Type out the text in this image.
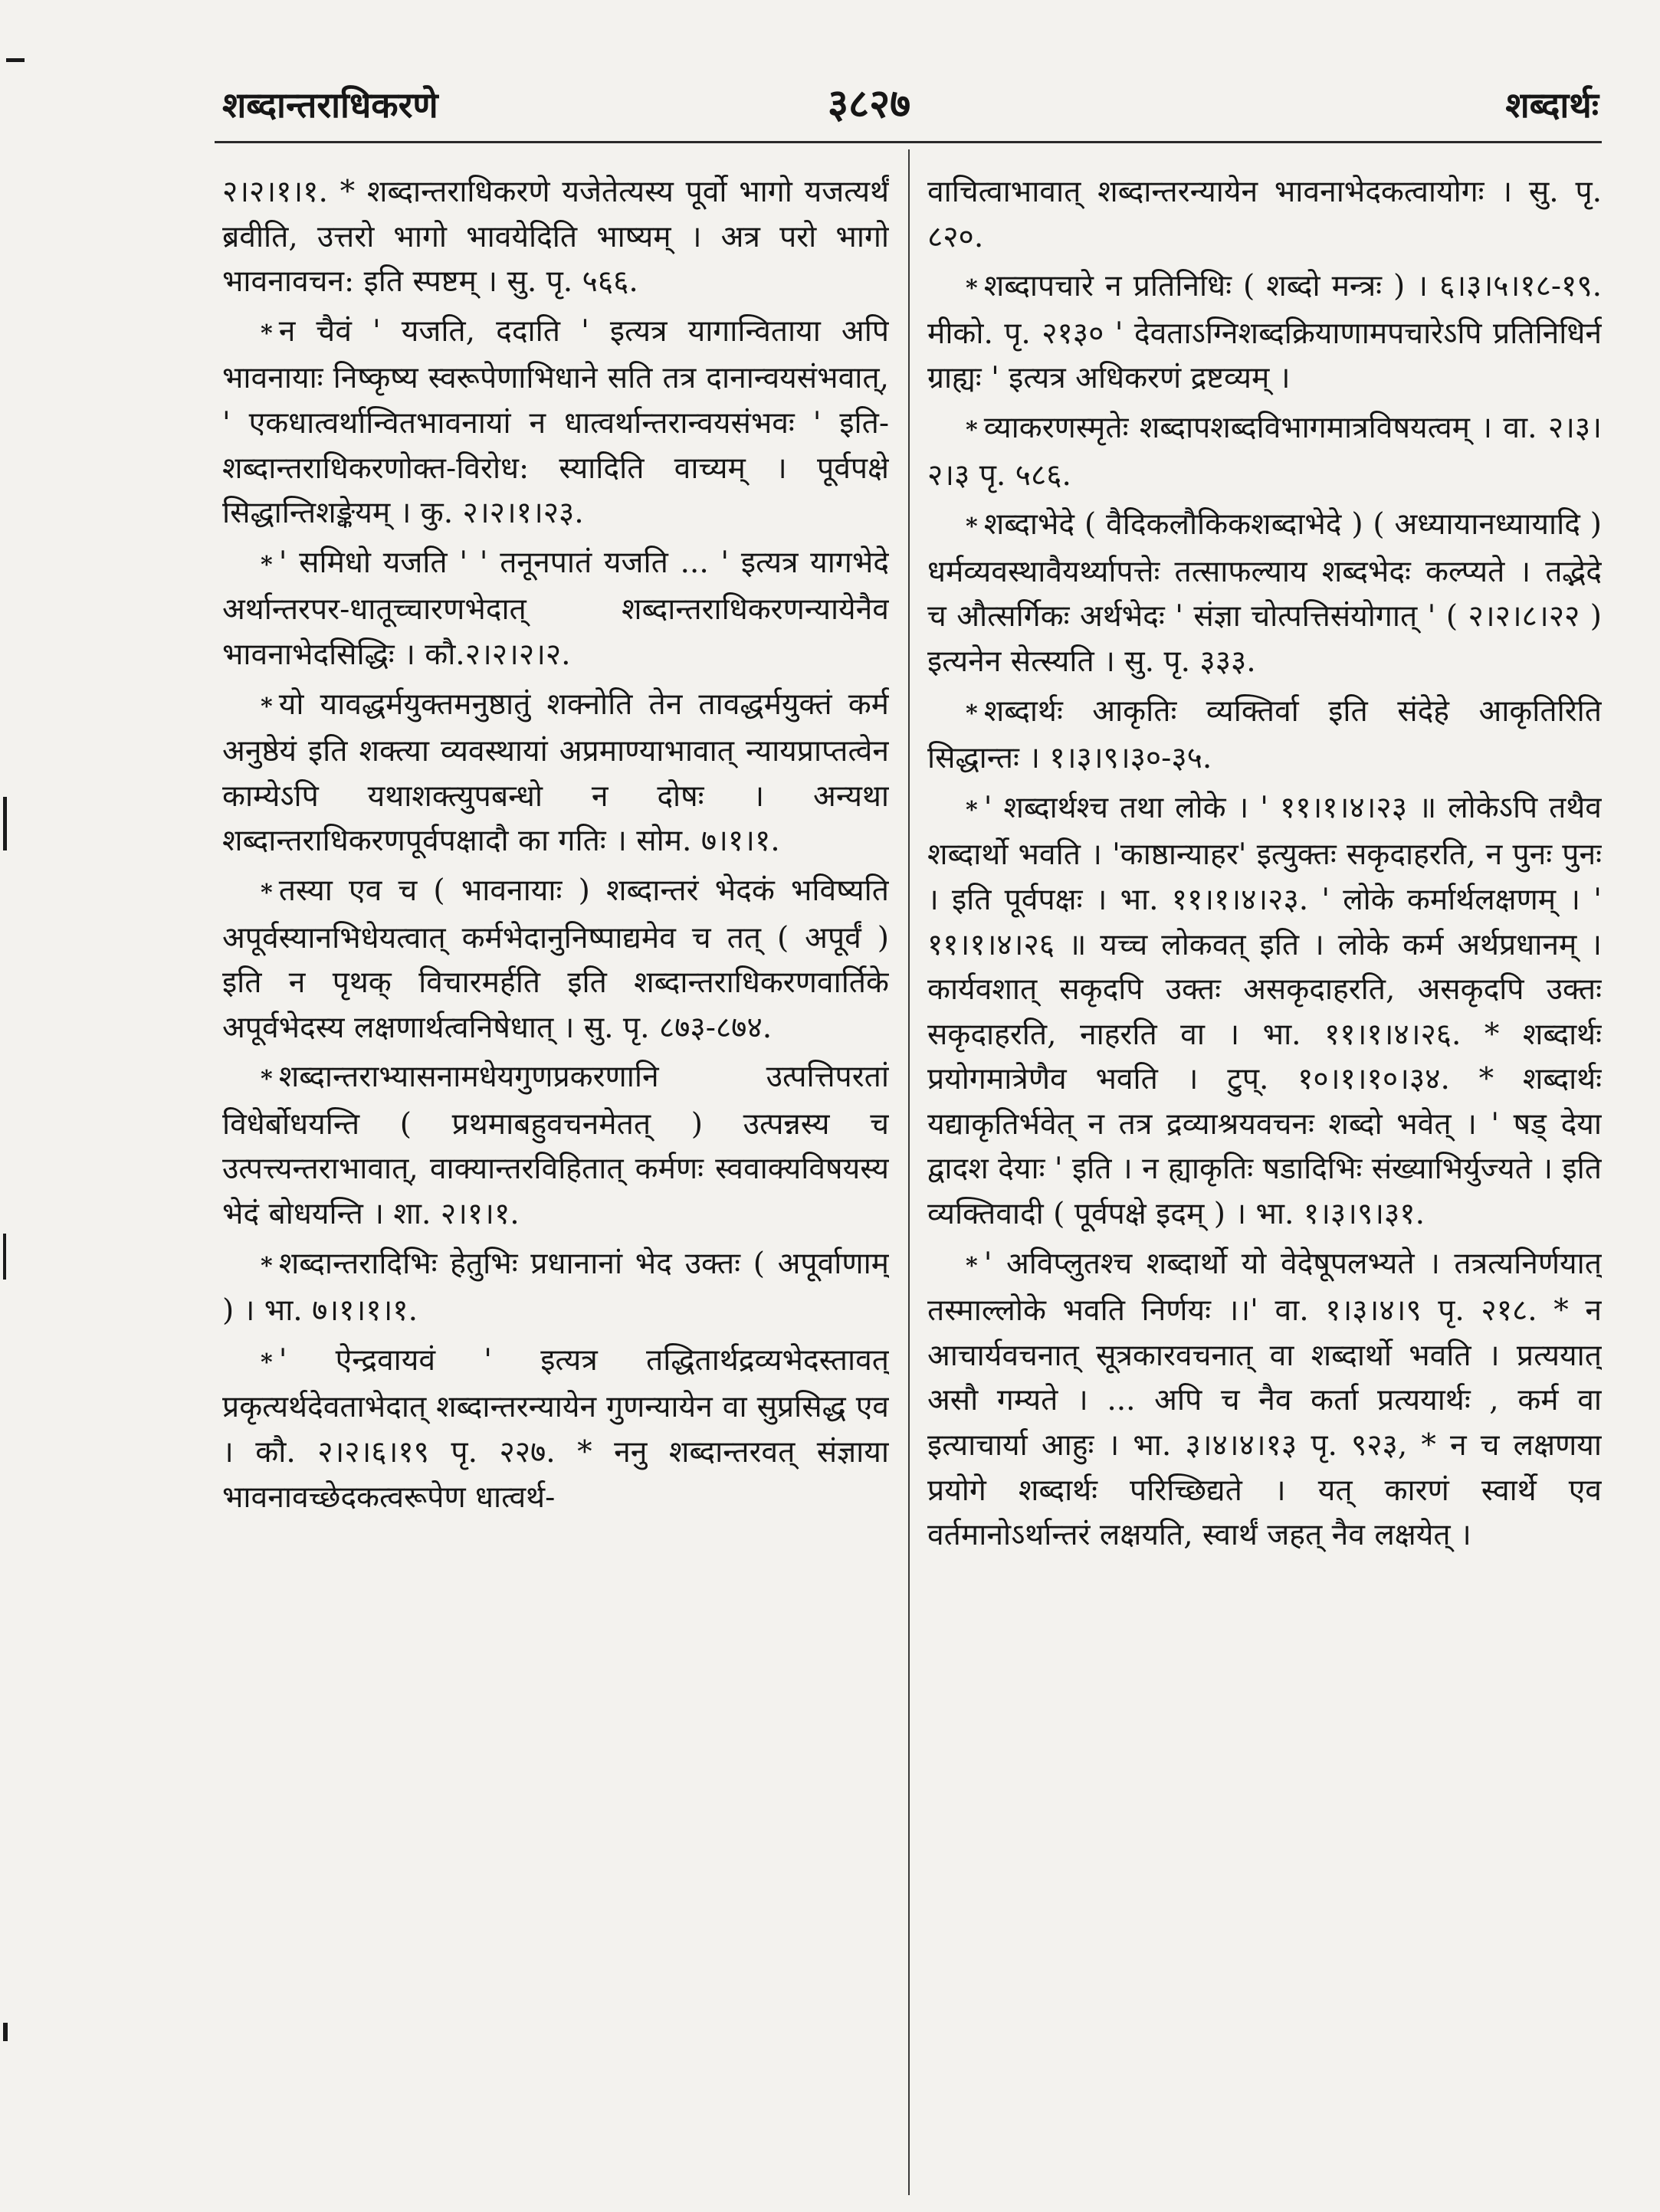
शब्दान्तराधिकरणे	३८२७	शब्दार्थः

२।२।१।१. * शब्दान्तराधिकरणे यजेतेत्यस्य पूर्वो भागो यजत्यर्थं ब्रवीति, उत्तरो भागो भावयेदिति भाष्यम् । अत्र परो भागो भावनावचन: इति स्पष्टम् । सु. पृ. ५६६.

* न चैवं ' यजति, ददाति ' इत्यत्र यागान्विताया अपि भावनायाः निष्कृष्य स्वरूपेणाभिधाने सति तत्र दानान्वयसंभवात्, ' एकधात्वर्थान्वितभावनायां न धात्वर्थान्तरान्वयसंभवः ' इति-शब्दान्तराधिकरणोक्त-विरोध: स्यादिति वाच्यम् । पूर्वपक्षे सिद्धान्तिशङ्केयम् । कु. २।२।१।२३.

* ' समिधो यजति ' ' तनूनपातं यजति ... ' इत्यत्र यागभेदे अर्थान्तरपर-धातूच्चारणभेदात् शब्दान्तराधिकरणन्यायेनैव भावनाभेदसिद्धिः । कौ.२।२।२।२.

* यो यावद्धर्मयुक्तमनुष्ठातुं शक्नोति तेन तावद्धर्मयुक्तं कर्म अनुष्ठेयं इति शक्त्या व्यवस्थायां अप्रमाण्याभावात् न्यायप्राप्तत्वेन काम्येऽपि यथाशक्त्युपबन्धो न दोषः । अन्यथा शब्दान्तराधिकरणपूर्वपक्षादौ का गतिः । सोम. ७।१।१.

* तस्या एव च ( भावनायाः ) शब्दान्तरं भेदकं भविष्यति अपूर्वस्यानभिधेयत्वात् कर्मभेदानुनिष्पाद्यमेव च तत् ( अपूर्वं ) इति न पृथक् विचारमर्हति इति शब्दान्तराधिकरणवार्तिके अपूर्वभेदस्य लक्षणार्थत्वनिषेधात् । सु. पृ. ८७३-८७४.

* शब्दान्तराभ्यासनामधेयगुणप्रकरणानि उत्पत्तिपरतां विधेर्बोधयन्ति ( प्रथमाबहुवचनमेतत् ) उत्पन्नस्य च उत्पत्त्यन्तराभावात्, वाक्यान्तरविहितात् कर्मणः स्ववाक्यविषयस्य भेदं बोधयन्ति । शा. २।१।१.

* शब्दान्तरादिभिः हेतुभिः प्रधानानां भेद उक्तः ( अपूर्वाणाम् ) । भा. ७।१।१।१.

* ' ऐन्द्रवायवं ' इत्यत्र तद्धितार्थद्रव्यभेदस्तावत् प्रकृत्यर्थदेवताभेदात् शब्दान्तरन्यायेन गुणन्यायेन वा सुप्रसिद्ध एव । कौ. २।२।६।१९ पृ. २२७. * ननु शब्दान्तरवत् संज्ञाया भावनावच्छेदकत्वरूपेण धात्वर्थ-

वाचित्वाभावात् शब्दान्तरन्यायेन भावनाभेदकत्वायोगः । सु. पृ. ८२०.

* शब्दापचारे न प्रतिनिधिः ( शब्दो मन्त्रः ) । ६।३।५।१८-१९. मीको. पृ. २१३० ' देवताऽग्निशब्दक्रियाणामपचारेऽपि प्रतिनिधिर्न ग्राह्यः ' इत्यत्र अधिकरणं द्रष्टव्यम् ।

* व्याकरणस्मृतेः शब्दापशब्दविभागमात्रविषयत्वम् । वा. २।३।२।३ पृ. ५८६.

* शब्दाभेदे ( वैदिकलौकिकशब्दाभेदे ) ( अध्यायानध्यायादि ) धर्मव्यवस्थावैयर्थ्यापत्तेः तत्साफल्याय शब्दभेदः कल्प्यते । तद्भेदे च औत्सर्गिकः अर्थभेदः ' संज्ञा चोत्पत्तिसंयोगात् ' ( २।२।८।२२ ) इत्यनेन सेत्स्यति । सु. पृ. ३३३.

* शब्दार्थः आकृतिः व्यक्तिर्वा इति संदेहे आकृतिरिति सिद्धान्तः । १।३।९।३०-३५.

* ' शब्दार्थश्च तथा लोके । ' ११।१।४।२३ ॥ लोकेऽपि तथैव शब्दार्थो भवति । 'काष्ठान्याहर' इत्युक्तः सकृदाहरति, न पुनः पुनः । इति पूर्वपक्षः । भा. ११।१।४।२३. ' लोके कर्मार्थलक्षणम् । ' ११।१।४।२६ ॥ यच्च लोकवत् इति । लोके कर्म अर्थप्रधानम् । कार्यवशात् सकृदपि उक्तः असकृदाहरति, असकृदपि उक्तः सकृदाहरति, नाहरति वा । भा. ११।१।४।२६. * शब्दार्थः प्रयोगमात्रेणैव भवति । टुप्. १०।१।१०।३४. * शब्दार्थः यद्याकृतिर्भवेत् न तत्र द्रव्याश्रयवचनः शब्दो भवेत् । ' षड् देया द्वादश देयाः ' इति । न ह्याकृतिः षडादिभिः संख्याभिर्युज्यते । इति व्यक्तिवादी ( पूर्वपक्षे इदम् ) । भा. १।३।९।३१.

* ' अविप्लुतश्च शब्दार्थो यो वेदेषूपलभ्यते । तत्रत्यनिर्णयात् तस्माल्लोके भवति निर्णयः ।।' वा. १।३।४।९ पृ. २१८. * न आचार्यवचनात् सूत्रकारवचनात् वा शब्दार्थो भवति । प्रत्ययात् असौ गम्यते । ... अपि च नैव कर्ता प्रत्ययार्थः , कर्म वा इत्याचार्या आहुः । भा. ३।४।४।१३ पृ. ९२३, * न च लक्षणया प्रयोगे शब्दार्थः परिच्छिद्यते । यत् कारणं स्वार्थे एव वर्तमानोऽर्थान्तरं लक्षयति, स्वार्थं जहत् नैव लक्षयेत् ।
